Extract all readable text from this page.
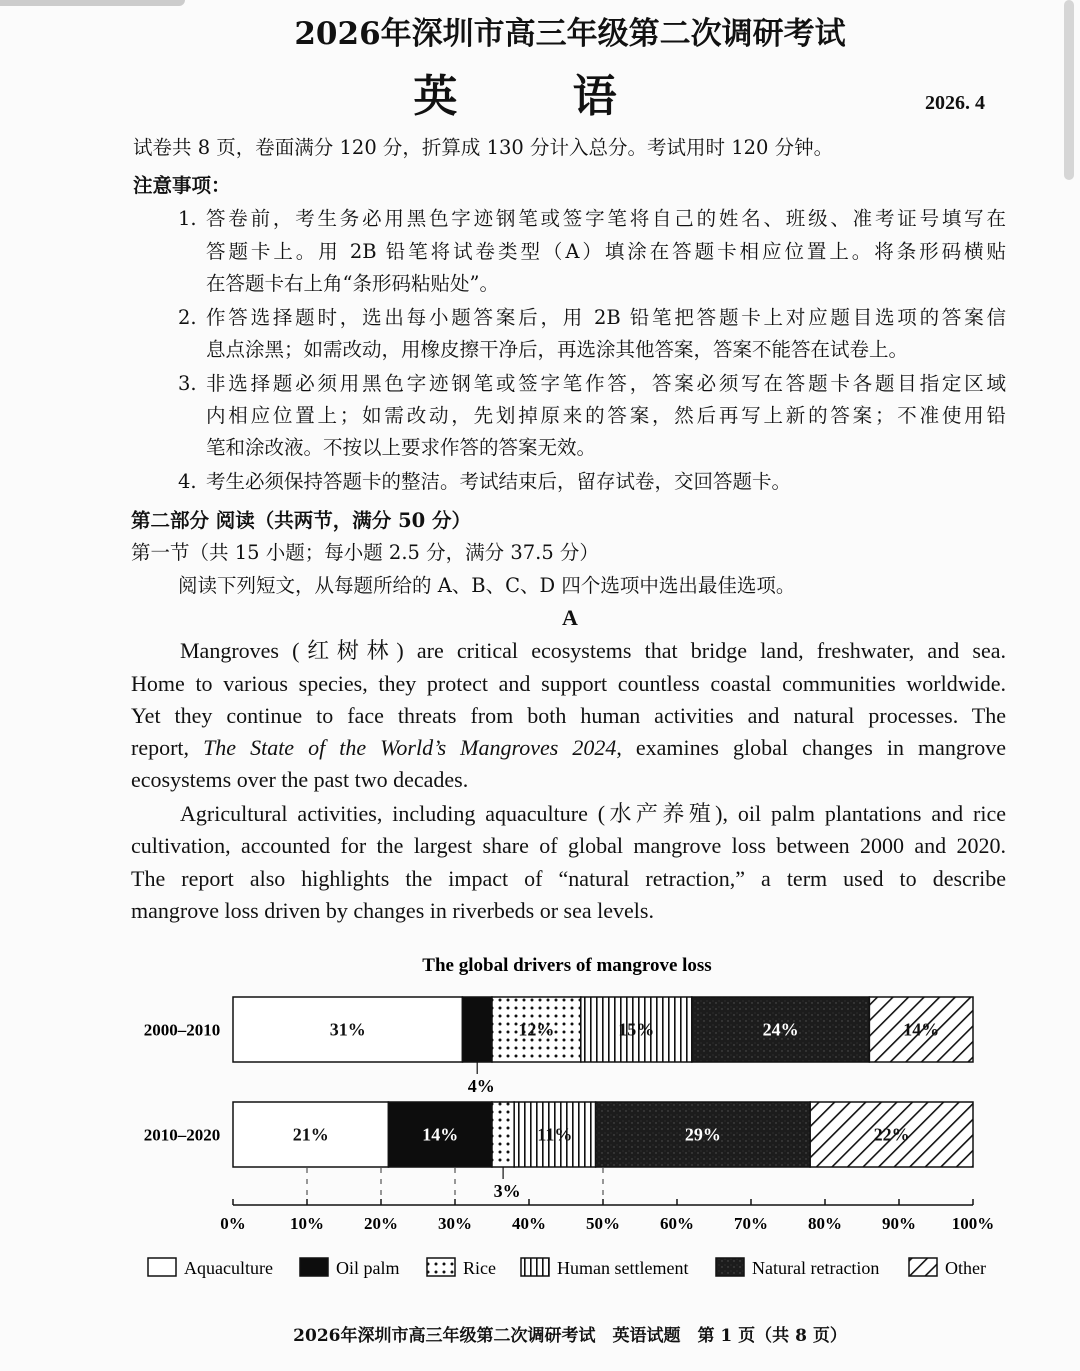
2026年深圳市高三年级第二次调研考试
英 语	2026. 4
试卷共 8 页，卷面满分 120 分，折算成 130 分计入总分。考试用时 120 分钟。
注意事项：
1. 答卷前，考生务必用黑色字迹钢笔或签字笔将自己的姓名、班级、准考证号填写在
答题卡上。用 2B 铅笔将试卷类型（A）填涂在答题卡相应位置上。将条形码横贴
在答题卡右上角“条形码粘贴处”。
2. 作答选择题时，选出每小题答案后，用 2B 铅笔把答题卡上对应题目选项的答案信
息点涂黑；如需改动，用橡皮擦干净后，再选涂其他答案，答案不能答在试卷上。
3. 非选择题必须用黑色字迹钢笔或签字笔作答，答案必须写在答题卡各题目指定区域
内相应位置上；如需改动，先划掉原来的答案，然后再写上新的答案；不准使用铅
笔和涂改液。不按以上要求作答的答案无效。
4. 考生必须保持答题卡的整洁。考试结束后，留存试卷，交回答题卡。
第二部分 阅读（共两节，满分 50 分）
第一节（共 15 小题；每小题 2.5 分，满分 37.5 分）
阅读下列短文，从每题所给的 A、B、C、D 四个选项中选出最佳选项。
A
Mangroves (红树林) are critical ecosystems that bridge land, freshwater, and sea.
Home to various species, they protect and support countless coastal communities worldwide.
Yet they continue to face threats from both human activities and natural processes. The
report, The State of the World’s Mangroves 2024, examines global changes in mangrove
ecosystems over the past two decades.
Agricultural activities, including aquaculture (水产养殖), oil palm plantations and rice
cultivation, accounted for the largest share of global mangrove loss between 2000 and 2020.
The report also highlights the impact of “natural retraction,” a term used to describe
mangrove loss driven by changes in riverbeds or sea levels.
The global drivers of mangrove loss
2000–2010	31%
4%
12%	15%	24%	14%
2010–2020	21%	14%
3%
11%	29%	22%
0%	10% 20% 30% 40% 50% 60% 70% 80% 90% 100%
Aquaculture	Oil palm	Rice	Human settlement	Natural retraction	Other
2026年深圳市高三年级第二次调研考试　英语试题　第 1 页（共 8 页）
